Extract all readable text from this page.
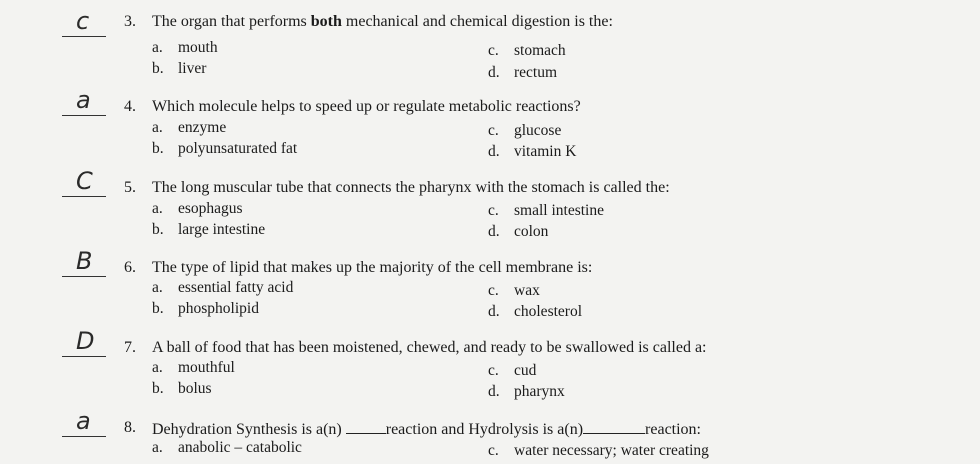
c 3. The organ that performs both mechanical and chemical digestion is the:
a. mouth
b. liver
c. stomach
d. rectum
a 4. Which molecule helps to speed up or regulate metabolic reactions?
a. enzyme
b. polyunsaturated fat
c. glucose
d. vitamin K
C 5. The long muscular tube that connects the pharynx with the stomach is called the:
a. esophagus
b. large intestine
c. small intestine
d. colon
B 6. The type of lipid that makes up the majority of the cell membrane is:
a. essential fatty acid
b. phospholipid
c. wax
d. cholesterol
D 7. A ball of food that has been moistened, chewed, and ready to be swallowed is called a:
a. mouthful
b. bolus
c. cud
d. pharynx
a 8. Dehydration Synthesis is a(n)	reaction and Hydrolysis is a(n)	reaction:
a. anabolic – catabolic	c. water necessary; water creating
